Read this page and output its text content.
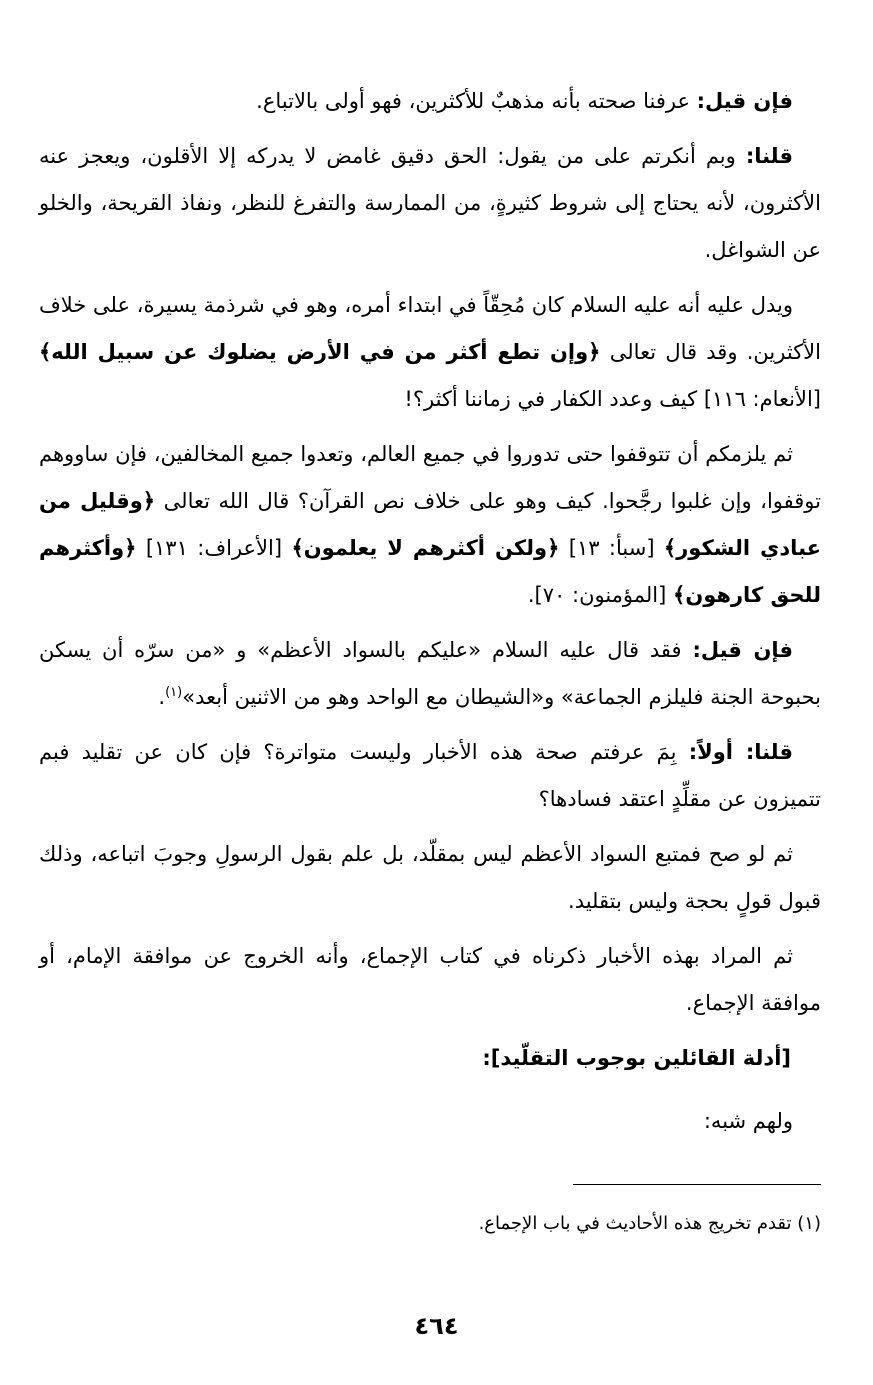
فإن قيل: عرفنا صحته بأنه مذهبٌ للأكثرين، فهو أولى بالاتباع.

قلنا: وبم أنكرتم على من يقول: الحق دقيق غامض لا يدركه إلا الأقلون، ويعجز عنه الأكثرون، لأنه يحتاج إلى شروط كثيرةٍ، من الممارسة والتفرغ للنظر، ونفاذ القريحة، والخلو عن الشواغل.

ويدل عليه أنه عليه السلام كان مُحِقّاً في ابتداء أمره، وهو في شرذمة يسيرة، على خلاف الأكثرين. وقد قال تعالى ﴿وإن تطع أكثر من في الأرض يضلوك عن سبيل الله﴾ [الأنعام: ١١٦] كيف وعدد الكفار في زماننا أكثر؟!

ثم يلزمكم أن تتوقفوا حتى تدوروا في جميع العالم، وتعدوا جميع المخالفين، فإن ساووهم توقفوا، وإن غلبوا رجَّحوا. كيف وهو على خلاف نص القرآن؟ قال الله تعالى ﴿وقليل من عبادي الشكور﴾ [سبأ: ١٣] ﴿ولكن أكثرهم لا يعلمون﴾ [الأعراف: ١٣١] ﴿وأكثرهم للحق كارهون﴾ [المؤمنون: ٧٠].

فإن قيل: فقد قال عليه السلام «عليكم بالسواد الأعظم» و «من سرّه أن يسكن بحبوحة الجنة فليلزم الجماعة» و«الشيطان مع الواحد وهو من الاثنين أبعد»$^{(١)}$.

قلنا: أولاً: بِمَ عرفتم صحة هذه الأخبار وليست متواترة؟ فإن كان عن تقليد فبم تتميزون عن مقلِّدٍ اعتقد فسادها؟

ثم لو صح فمتبع السواد الأعظم ليس بمقلّد، بل علم بقول الرسولِ وجوبَ اتباعه، وذلك قبول قولٍ بحجة وليس بتقليد.

ثم المراد بهذه الأخبار ذكرناه في كتاب الإجماع، وأنه الخروج عن موافقة الإمام، أو موافقة الإجماع.

[أدلة القائلين بوجوب التقلّيد]:

ولهم شبه:

(١) تقدم تخريج هذه الأحاديث في باب الإجماع.
٤٦٤
